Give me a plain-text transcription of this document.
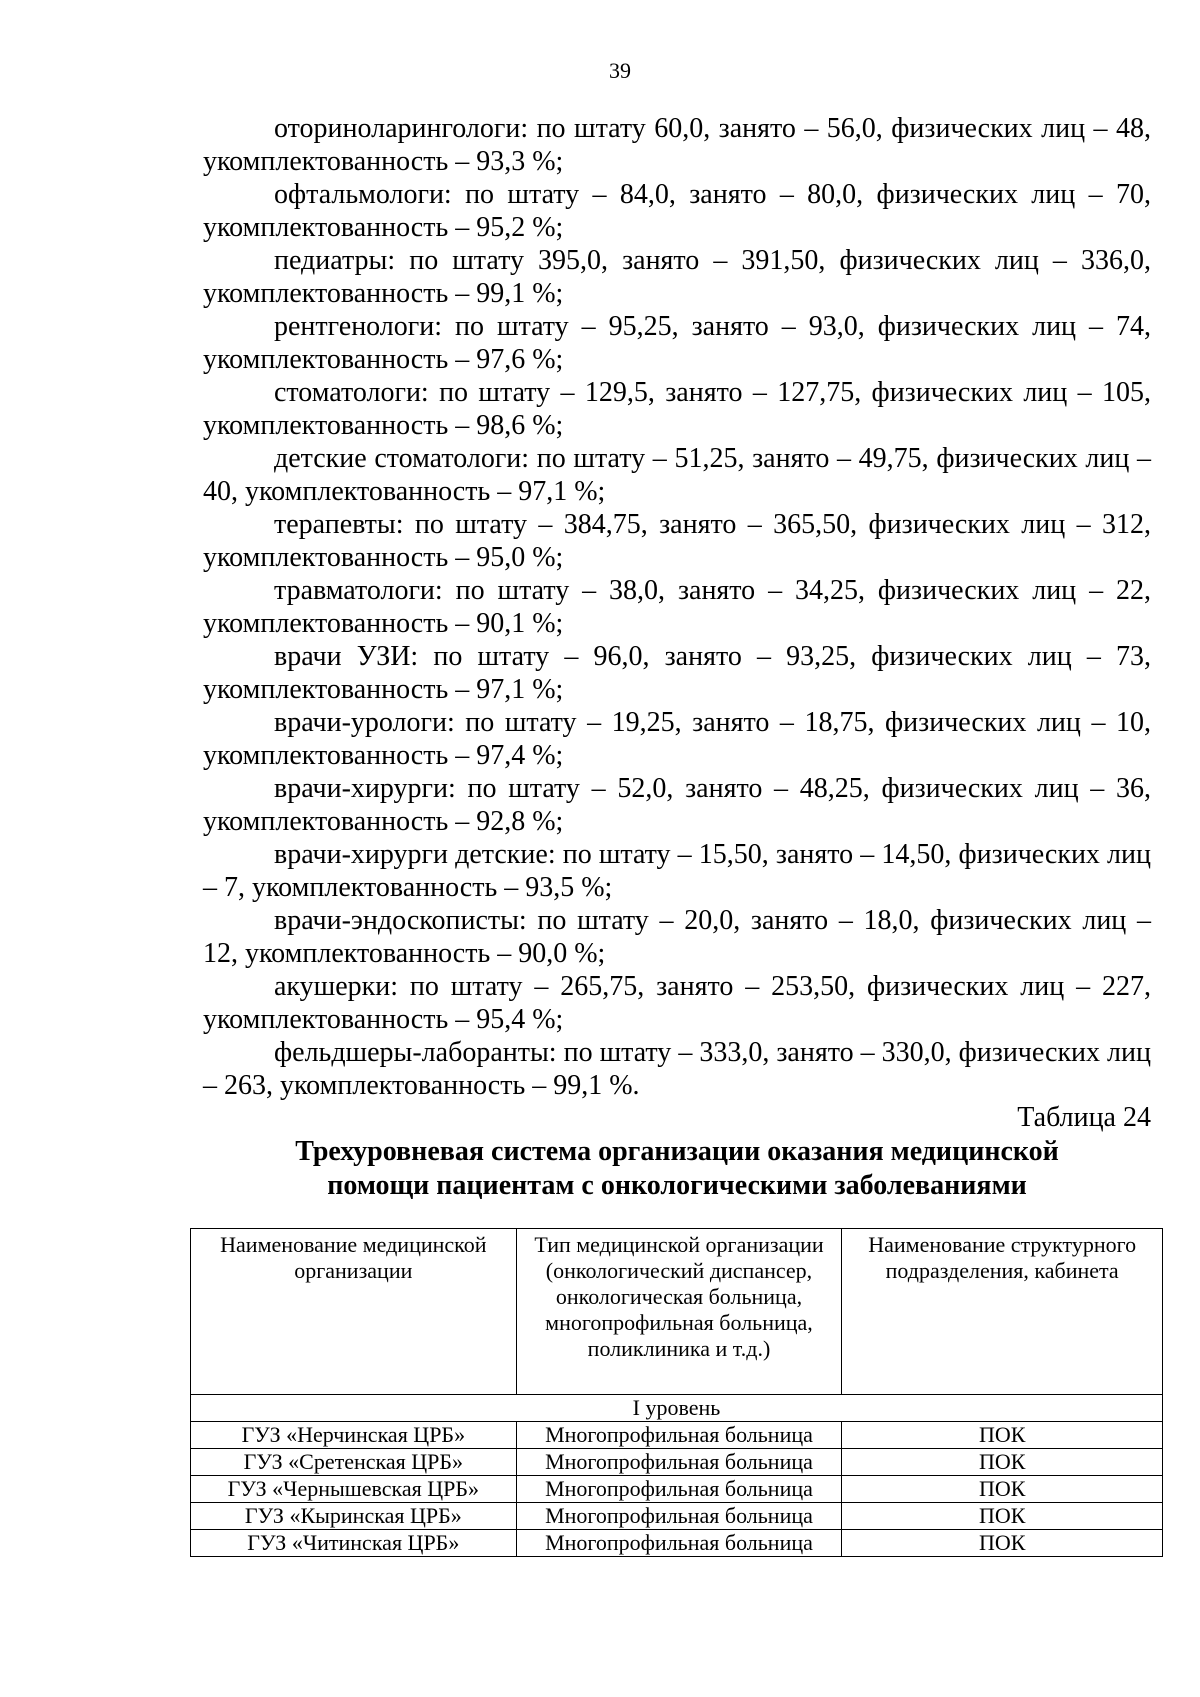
39

оториноларингологи: по штату 60,0, занято – 56,0, физических лиц – 48, укомплектованность – 93,3 %;

офтальмологи: по штату – 84,0, занято – 80,0, физических лиц – 70, укомплектованность – 95,2 %;

педиатры: по штату 395,0, занято – 391,50, физических лиц – 336,0, укомплектованность – 99,1 %;

рентгенологи: по штату – 95,25, занято – 93,0, физических лиц – 74, укомплектованность – 97,6 %;

стоматологи: по штату – 129,5, занято – 127,75, физических лиц – 105, укомплектованность – 98,6 %;

детские стоматологи: по штату – 51,25, занято – 49,75, физических лиц – 40, укомплектованность – 97,1 %;

терапевты: по штату – 384,75, занято – 365,50, физических лиц – 312, укомплектованность – 95,0 %;

травматологи: по штату – 38,0, занято – 34,25, физических лиц – 22, укомплектованность – 90,1 %;

врачи УЗИ: по штату – 96,0, занято – 93,25, физических лиц – 73, укомплектованность – 97,1 %;

врачи-урологи: по штату – 19,25, занято – 18,75, физических лиц – 10, укомплектованность – 97,4 %;

врачи-хирурги: по штату – 52,0, занято – 48,25, физических лиц – 36, укомплектованность – 92,8 %;

врачи-хирурги детские: по штату – 15,50, занято – 14,50, физических лиц – 7, укомплектованность – 93,5 %;

врачи-эндоскописты: по штату – 20,0, занято – 18,0, физических лиц – 12, укомплектованность – 90,0 %;

акушерки: по штату – 265,75, занято – 253,50, физических лиц – 227, укомплектованность – 95,4 %;

фельдшеры-лаборанты: по штату – 333,0, занято – 330,0, физических лиц – 263, укомплектованность – 99,1 %.

Таблица 24
Трехуровневая система организации оказания медицинской
помощи пациентам с онкологическими заболеваниями
Наименование медицинской организации	Тип медицинской организации (онкологический диспансер, онкологическая больница, многопрофильная больница, поликлиника и т.д.)	Наименование структурного подразделения, кабинета
I уровень		
ГУЗ «Нерчинская ЦРБ»	Многопрофильная больница	ПОК
ГУЗ «Сретенская ЦРБ»	Многопрофильная больница	ПОК
ГУЗ «Чернышевская ЦРБ»	Многопрофильная больница	ПОК
ГУЗ «Кыринская ЦРБ»	Многопрофильная больница	ПОК
ГУЗ «Читинская ЦРБ»	Многопрофильная больница	ПОК
